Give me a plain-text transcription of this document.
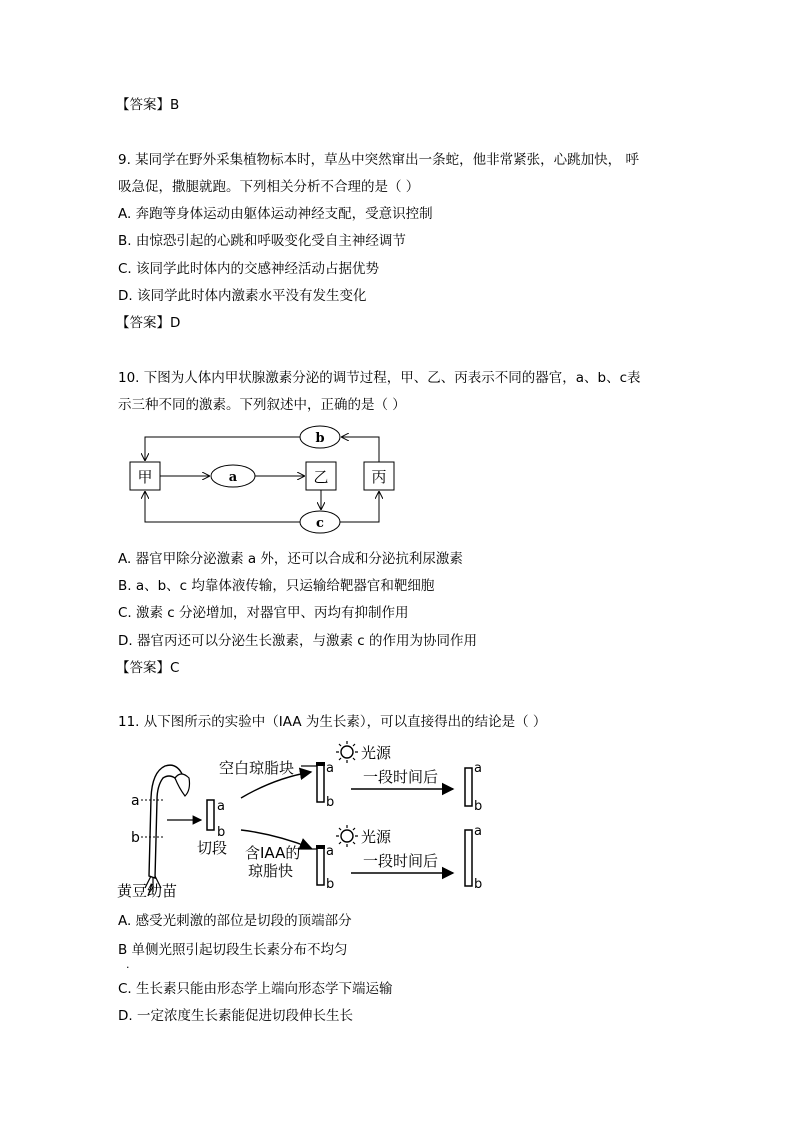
【答案】B
9. 某同学在野外采集植物标本时，草丛中突然窜出一条蛇，他非常紧张，心跳加快， 呼
吸急促，撒腿就跑。下列相关分析不合理的是（ ）
A. 奔跑等身体运动由躯体运动神经支配，受意识控制
B. 由惊恐引起的心跳和呼吸变化受自主神经调节
C. 该同学此时体内的交感神经活动占据优势
D. 该同学此时体内激素水平没有发生变化
【答案】D
10. 下图为人体内甲状腺激素分泌的调节过程，甲、乙、丙表示不同的器官，a、b、c表
示三种不同的激素。下列叙述中，正确的是（ ）
甲	乙	丙
a
b
c
A. 器官甲除分泌激素 a 外，还可以合成和分泌抗利尿激素
B. a、b、c 均靠体液传输，只运输给靶器官和靶细胞
C. 激素 c 分泌增加，对器官甲、丙均有抑制作用
D. 器官丙还可以分泌生长激素，与激素 c 的作用为协同作用
【答案】C
11. 从下图所示的实验中（IAA 为生长素），可以直接得出的结论是（ ）
a
b
黄豆幼苗
a
b
切段
空白琼脂块 a
b
光源
一段时间后	a
b
含IAA的
琼脂快
a
b
光源
一段时间后
a
b
A. 感受光刺激的部位是切段的顶端部分
B 单侧光照引起切段生长素分布不均匀
.
C. 生长素只能由形态学上端向形态学下端运输
D. 一定浓度生长素能促进切段伸长生长
